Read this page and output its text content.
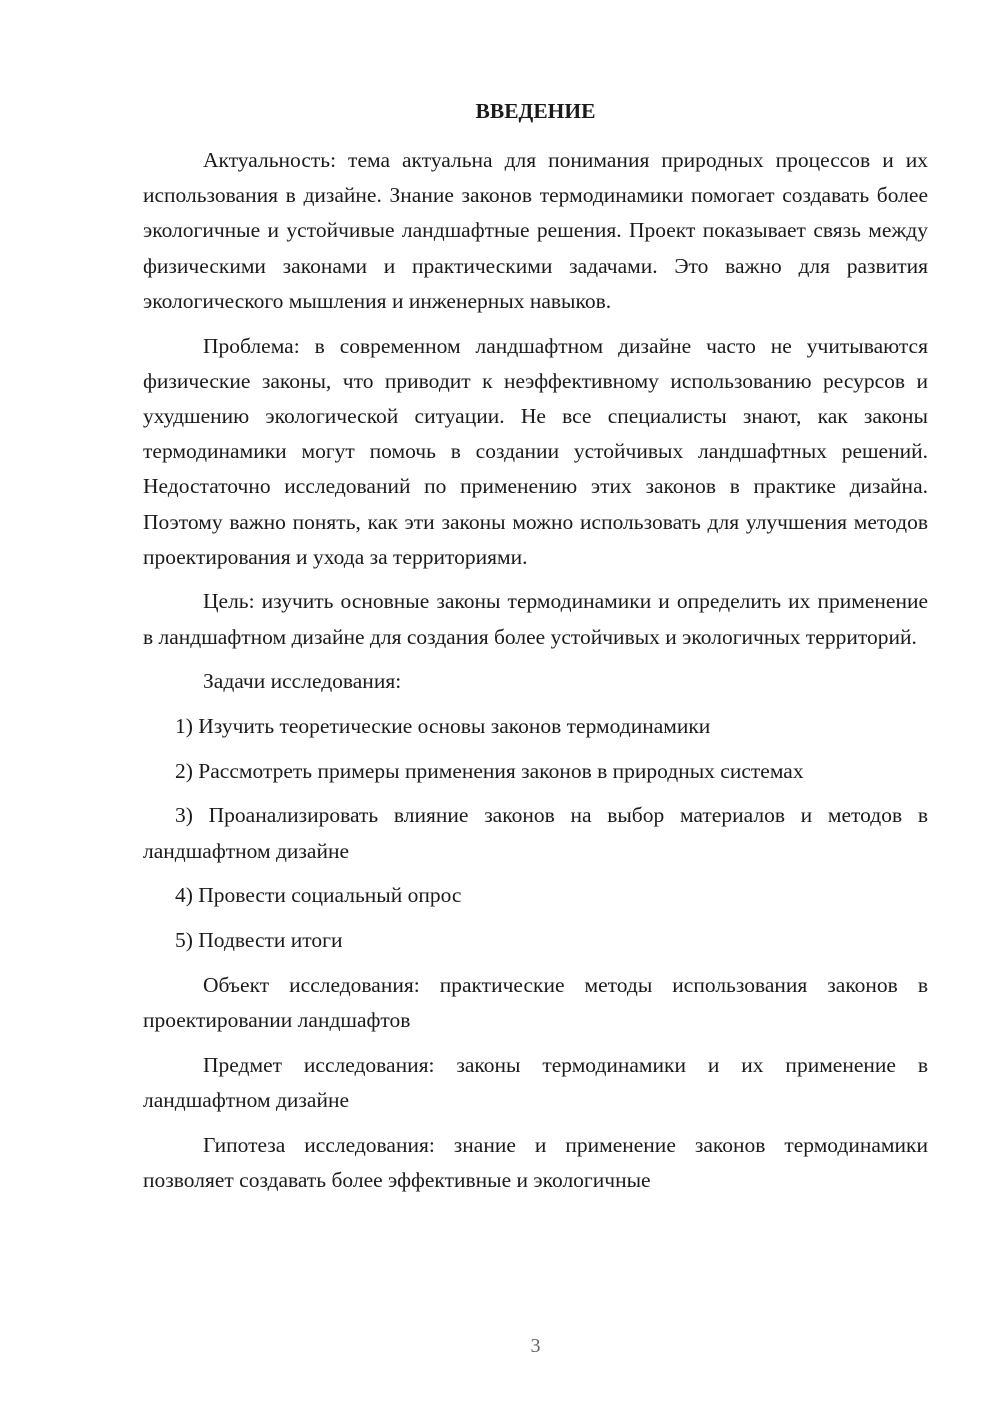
ВВЕДЕНИЕ

Актуальность: тема актуальна для понимания природных процессов и их использования в дизайне. Знание законов термодинамики помогает создавать более экологичные и устойчивые ландшафтные решения. Проект показывает связь между физическими законами и практическими задачами. Это важно для развития экологического мышления и инженерных навыков.

Проблема: в современном ландшафтном дизайне часто не учитываются физические законы, что приводит к неэффективному использованию ресурсов и ухудшению экологической ситуации. Не все специалисты знают, как законы термодинамики могут помочь в создании устойчивых ландшафтных решений. Недостаточно исследований по применению этих законов в практике дизайна. Поэтому важно понять, как эти законы можно использовать для улучшения методов проектирования и ухода за территориями.

Цель: изучить основные законы термодинамики и определить их применение в ландшафтном дизайне для создания более устойчивых и экологичных территорий.

Задачи исследования:

1) Изучить теоретические основы законов термодинамики

2) Рассмотреть примеры применения законов в природных системах

3) Проанализировать влияние законов на выбор материалов и методов в ландшафтном дизайне

4) Провести социальный опрос

5) Подвести итоги

Объект исследования: практические методы использования законов в проектировании ландшафтов

Предмет исследования: законы термодинамики и их применение в ландшафтном дизайне

Гипотеза исследования: знание и применение законов термодинамики позволяет создавать более эффективные и экологичные

3
